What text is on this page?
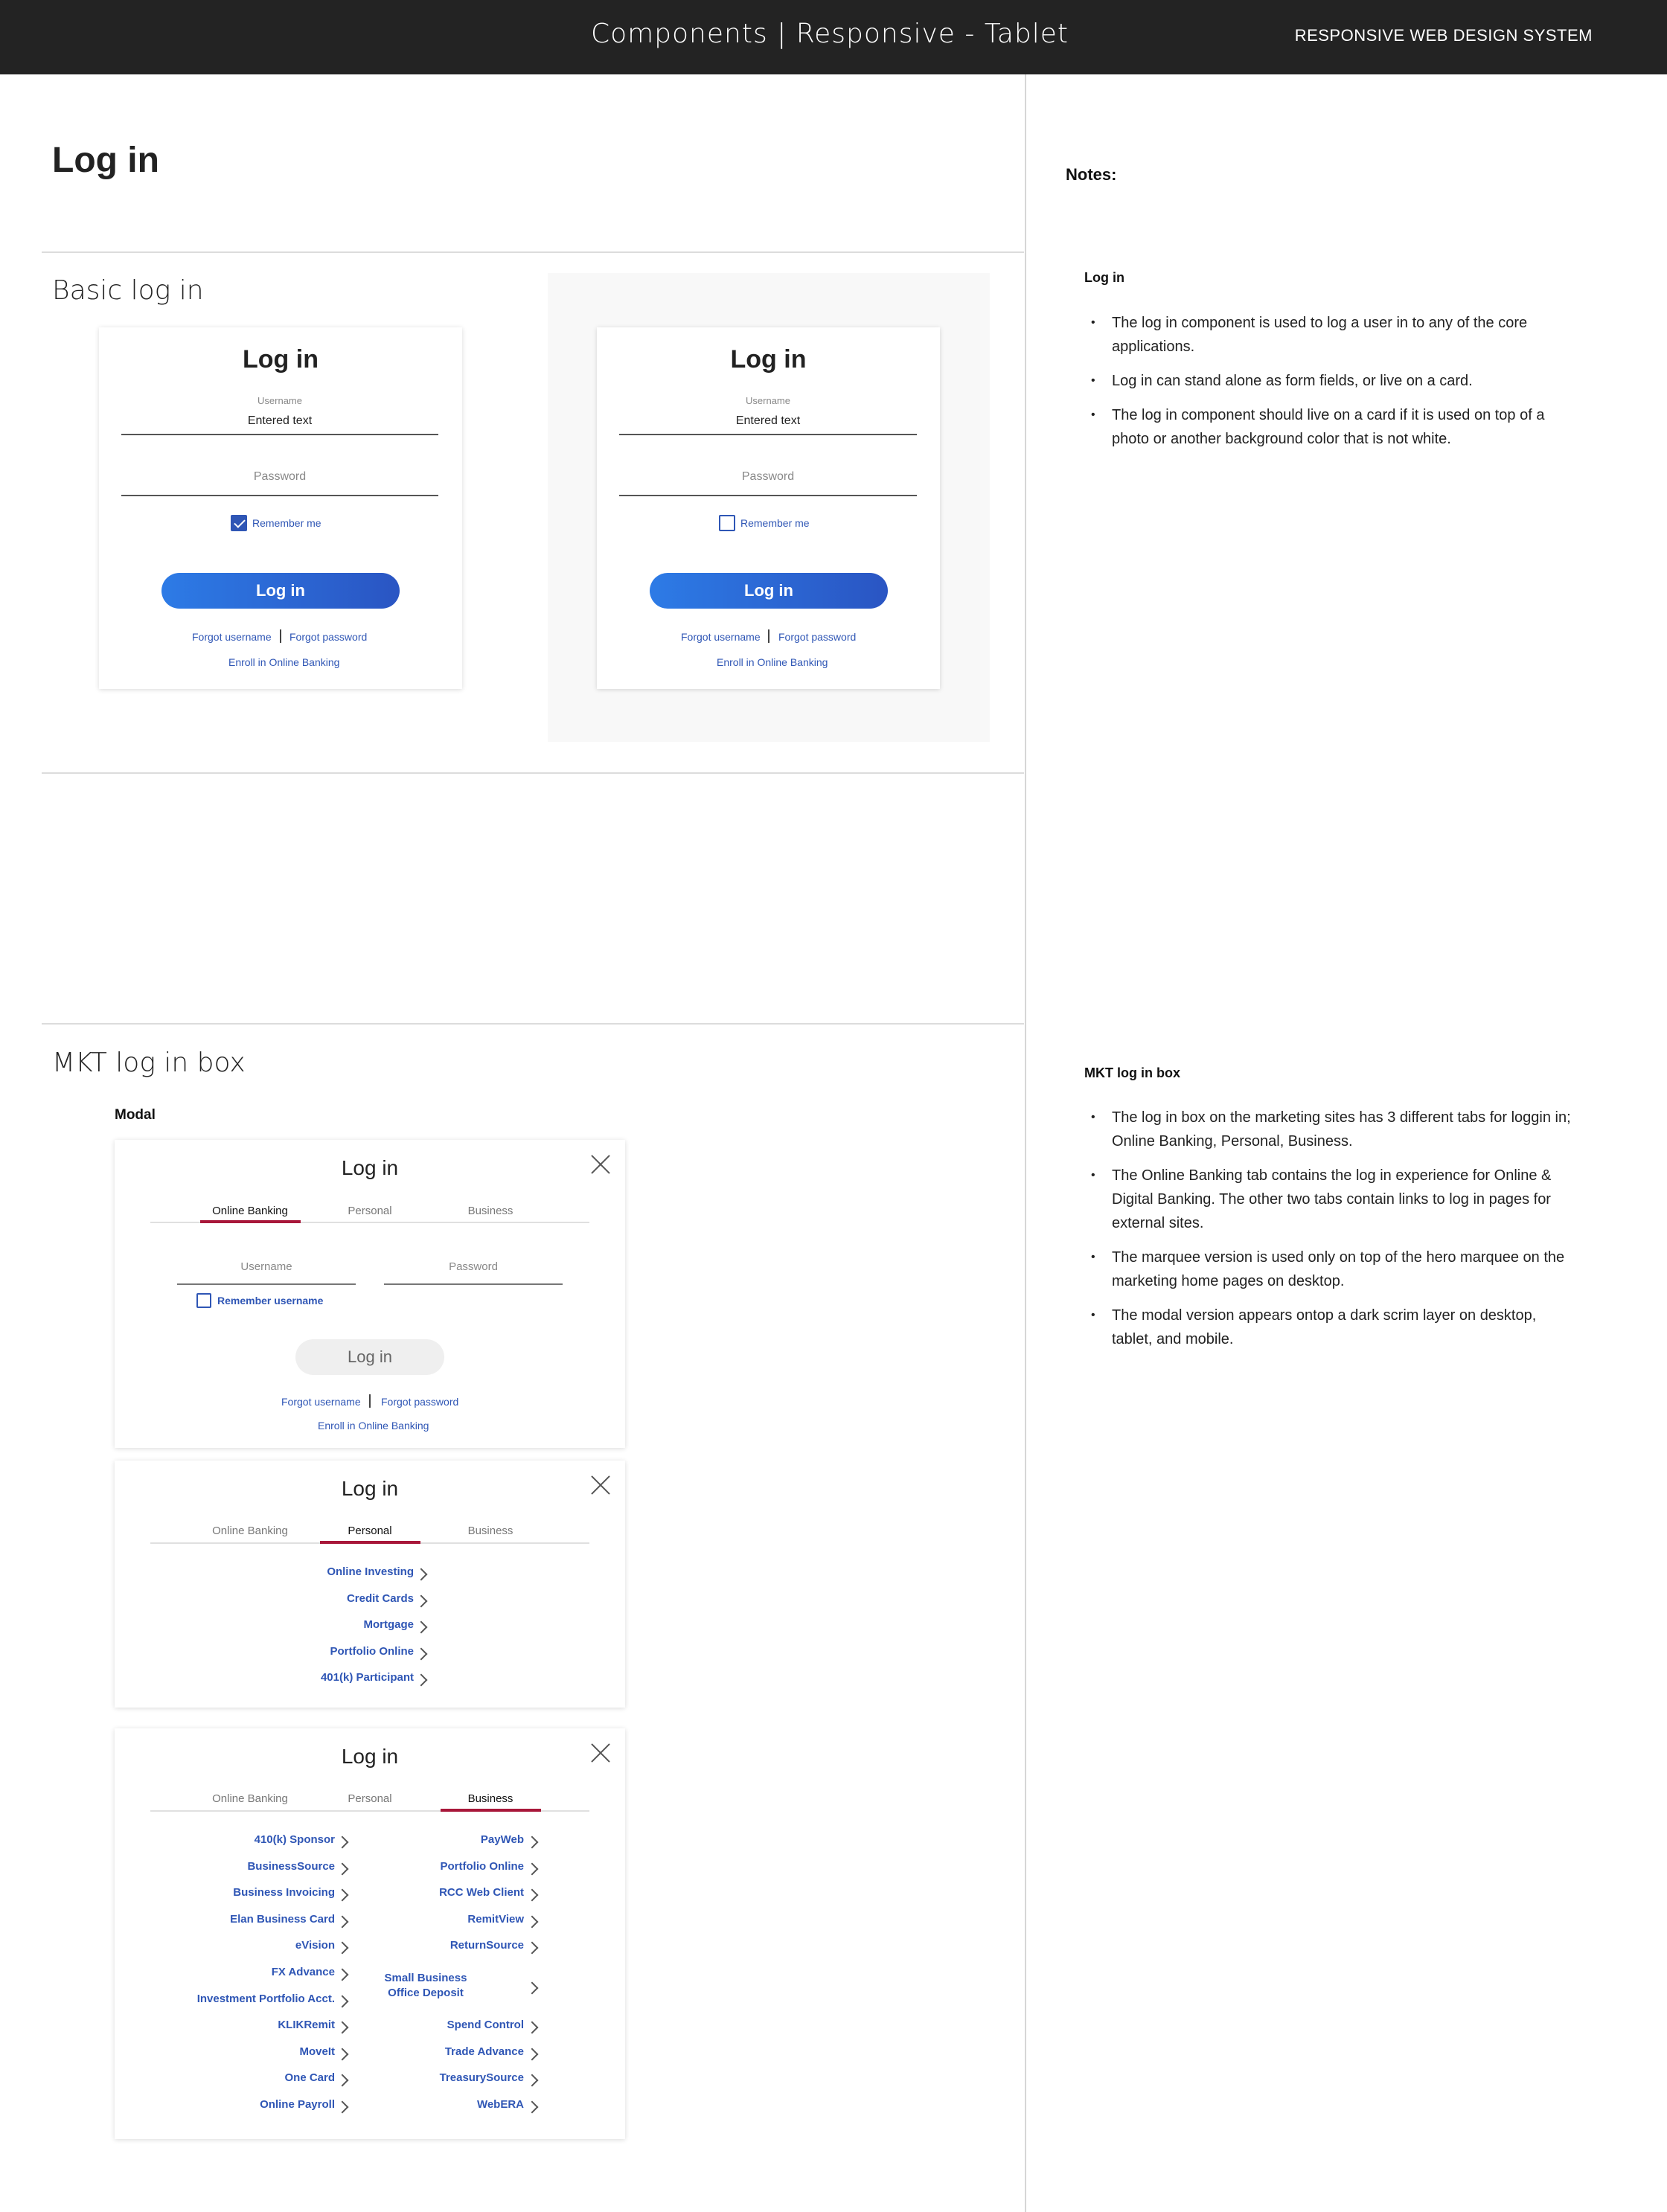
Components | Responsive - Tablet	RESPONSIVE WEB DESIGN SYSTEM
Log in
Basic log in
MKT log in box
Log in
Username
Entered text
Password
Remember me
Log in
Forgot username Forgot password
Enroll in Online Banking
Log in
Username
Entered text
Password
Remember me
Log in
Forgot username Forgot password
Enroll in Online Banking
Notes:
Log in
• The log in component is used to log a user in to any of the core applications.
• Log in can stand alone as form fields, or live on a card.
• The log in component should live on a card if it is used on top of a photo or another background color that is not white.
MKT log in box
• The log in box on the marketing sites has 3 different tabs for loggin in; Online Banking, Personal, Business.
• The Online Banking tab contains the log in experience for Online & Digital Banking. The other two tabs contain links to log in pages for external sites.
• The marquee version is used only on top of the hero marquee on the marketing home pages on desktop.
• The modal version appears ontop a dark scrim layer on desktop, tablet, and mobile.
Modal
Log in
Online Banking	Personal	Business
Username	Password
Remember username
Log in
Forgot username Forgot password
Enroll in Online Banking
Log in
Online Banking	Personal	Business
Online Investing
Credit Cards
Mortgage
Portfolio Online
401(k) Participant
Log in
Online Banking	Personal	Business
410(k) Sponsor
BusinessSource
Business Invoicing
Elan Business Card
eVision
FX Advance
Investment Portfolio Acct.
KLIKRemit
MoveIt
One Card
Online Payroll
PayWeb
Portfolio Online
RCC Web Client
RemitView
ReturnSource
Small Business
Office Deposit
Spend Control
Trade Advance
TreasurySource
WebERA
